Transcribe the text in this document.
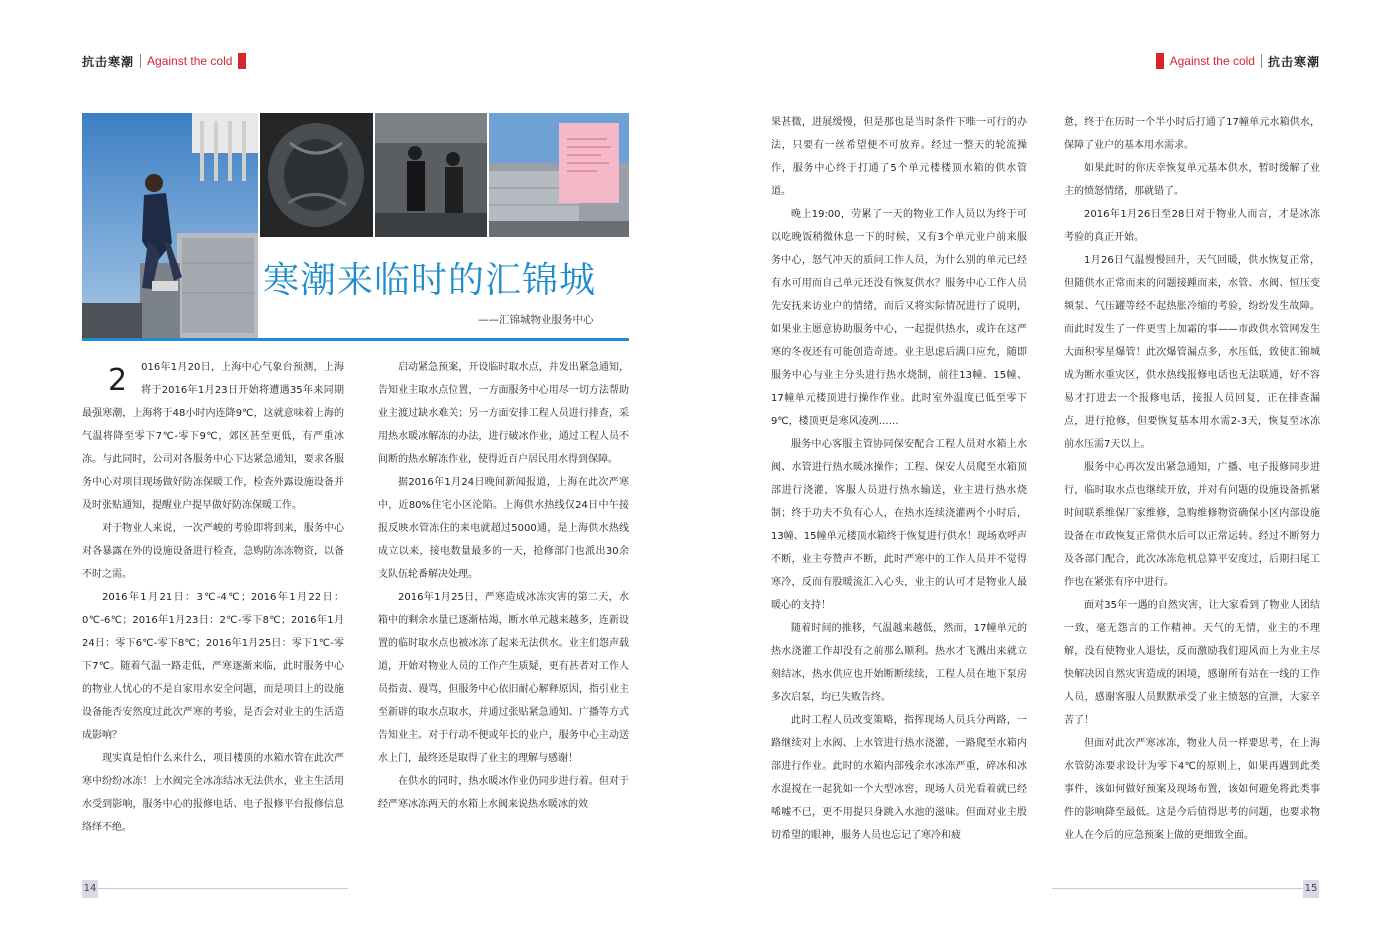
抗击寒潮 Against the cold	Against the cold 抗击寒潮
寒潮来临时的汇锦城
——汇锦城物业服务中心

2 016年1月20日，上海中心气象台预测，上海将于2016年1月23日开始将遭遇35年来同期最强寒潮，上海将于48小时内连降9℃，这就意味着上海的气温将降至零下7℃-零下9℃，郊区甚至更低，有严重冰冻。与此同时，公司对各服务中心下达紧急通知，要求各服务中心对项目现场做好防冻保暖工作，检查外露设施设备并及时张贴通知，提醒业户提早做好防冻保暖工作。

对于物业人来说，一次严峻的考验即将到来，服务中心对各暴露在外的设施设备进行检查，急购防冻冻物资，以备不时之需。

2016年1月21日：3℃-4℃；2016年1月22日：0℃-6℃；2016年1月23日：2℃-零下8℃；2016年1月24日：零下6℃-零下8℃；2016年1月25日：零下1℃-零下7℃。随着气温一路走低，严寒逐渐来临，此时服务中心的物业人忧心的不是自家用水安全问题，而是项目上的设施设备能否安然度过此次严寒的考验，是否会对业主的生活造成影响？

现实真是怕什么来什么，项目楼顶的水箱水管在此次严寒中纷纷冰冻！上水阀完全冰冻结冰无法供水，业主生活用水受到影响，服务中心的报修电话、电子报修平台报修信息络绎不绝。

启动紧急预案，开设临时取水点，并发出紧急通知，告知业主取水点位置，一方面服务中心用尽一切方法帮助业主渡过缺水难关；另一方面安排工程人员进行排查，采用热水暖冰解冻的办法，进行破冰作业，通过工程人员不间断的热水解冻作业，使得近百户居民用水得到保障。

据2016年1月24日晚间新闻报道，上海在此次严寒中，近80%住宅小区沦陷。上海供水热线仅24日中午接报反映水管冻住的来电就超过5000通，是上海供水热线成立以来，接电数量最多的一天，抢修部门也派出30余支队伍轮番解决处理。

2016年1月25日，严寒造成冰冻灾害的第二天，水箱中的剩余水量已逐渐枯竭，断水单元越来越多，连新设置的临时取水点也被冰冻了起来无法供水。业主们怨声载道，开始对物业人员的工作产生质疑，更有甚者对工作人员指责、谩骂，但服务中心依旧耐心解释原因，指引业主至新辟的取水点取水，并通过张贴紧急通知、广播等方式告知业主。对于行动不便或年长的业户，服务中心主动送水上门，最终还是取得了业主的理解与感谢！

在供水的同时，热水暖冰作业仍同步进行着。但对于经严寒冰冻两天的水箱上水阀来说热水暖冰的效

果甚微，进展缓慢，但是那也是当时条件下唯一可行的办法，只要有一丝希望便不可放弃。经过一整天的轮流操作，服务中心终于打通了5个单元楼楼顶水箱的供水管道。

晚上19:00，劳累了一天的物业工作人员以为终于可以吃晚饭稍微休息一下的时候，又有3个单元业户前来服务中心，怒气冲天的质问工作人员，为什么别的单元已经有水可用而自己单元还没有恢复供水？服务中心工作人员先安抚来访业户的情绪，而后又将实际情况进行了说明，如果业主愿意协助服务中心，一起提供热水，或许在这严寒的冬夜还有可能创造奇迹。业主思虑后满口应允，随即服务中心与业主分头进行热水烧制，前往13幢、15幢、17幢单元楼顶进行操作作业。此时室外温度已低至零下9℃，楼顶更是寒风凌冽……

服务中心客服主管协同保安配合工程人员对水箱上水阀、水管进行热水暖冰操作；工程、保安人员爬至水箱顶部进行浇灌，客服人员进行热水输送，业主进行热水烧制；终于功夫不负有心人，在热水连续浇灌两个小时后，13幢、15幢单元楼顶水箱终于恢复进行供水！现场欢呼声不断，业主夸赞声不断，此时严寒中的工作人员并不觉得寒冷，反而有股暖流汇入心头，业主的认可才是物业人最暖心的支持！

随着时间的推移，气温越来越低，然而，17幢单元的热水浇灌工作却没有之前那么顺利。热水才飞溅出来就立刻结冰，热水供应也开始断断续续，工程人员在地下泵房多次启泵，均已失败告终。

此时工程人员改变策略，指挥现场人员兵分两路，一路继续对上水阀、上水管进行热水浇灌，一路爬至水箱内部进行作业。此时的水箱内部残余水冰冻严重，碎冰和冰水混搅在一起犹如一个大型冰窖，现场人员光看着就已经唏嘘不已，更不用提只身跳入水池的滋味。但面对业主殷切希望的眼神，服务人员也忘记了寒冷和疲

惫，终于在历时一个半小时后打通了17幢单元水箱供水，保障了业户的基本用水需求。

如果此时的你庆幸恢复单元基本供水，暂时缓解了业主的愤怒情绪，那就错了。

2016年1月26日至28日对于物业人而言，才是冰冻考验的真正开始。

1月26日气温慢慢回升，天气回暖，供水恢复正常，但随供水正常而来的问题接踵而来，水管、水阀、恒压变频泵、气压罐等经不起热胀冷缩的考验，纷纷发生故障。而此时发生了一件更雪上加霜的事——市政供水管网发生大面积零星爆管！此次爆管漏点多，水压低，致使汇锦城成为断水重灾区，供水热线报修电话也无法联通，好不容易才打进去一个报修电话，接报人员回复，正在排查漏点，进行抢修，但要恢复基本用水需2-3天，恢复至冰冻前水压需7天以上。

服务中心再次发出紧急通知，广播、电子报修同步进行，临时取水点也继续开放，并对有问题的设施设备抓紧时间联系维保厂家维修，急购维修物资确保小区内部设施设备在市政恢复正常供水后可以正常运转。经过不断努力及各部门配合，此次冰冻危机总算平安度过，后期扫尾工作也在紧张有序中进行。

面对35年一遇的自然灾害，让大家看到了物业人团结一致，毫无怨言的工作精神。天气的无情，业主的不理解，没有使物业人退怯，反而激励我们迎风而上为业主尽快解决因自然灾害造成的困境，感谢所有站在一线的工作人员，感谢客服人员默默承受了业主愤怒的宣泄，大家辛苦了！

但面对此次严寒冰冻，物业人员一样要思考，在上海水管防冻要求设计为零下4℃的原则上，如果再遇到此类事件，该如何做好预案及现场布置，该如何避免将此类事件的影响降至最低。这是今后值得思考的问题，也要求物业人在今后的应急预案上做的更细致全面。

14	15
